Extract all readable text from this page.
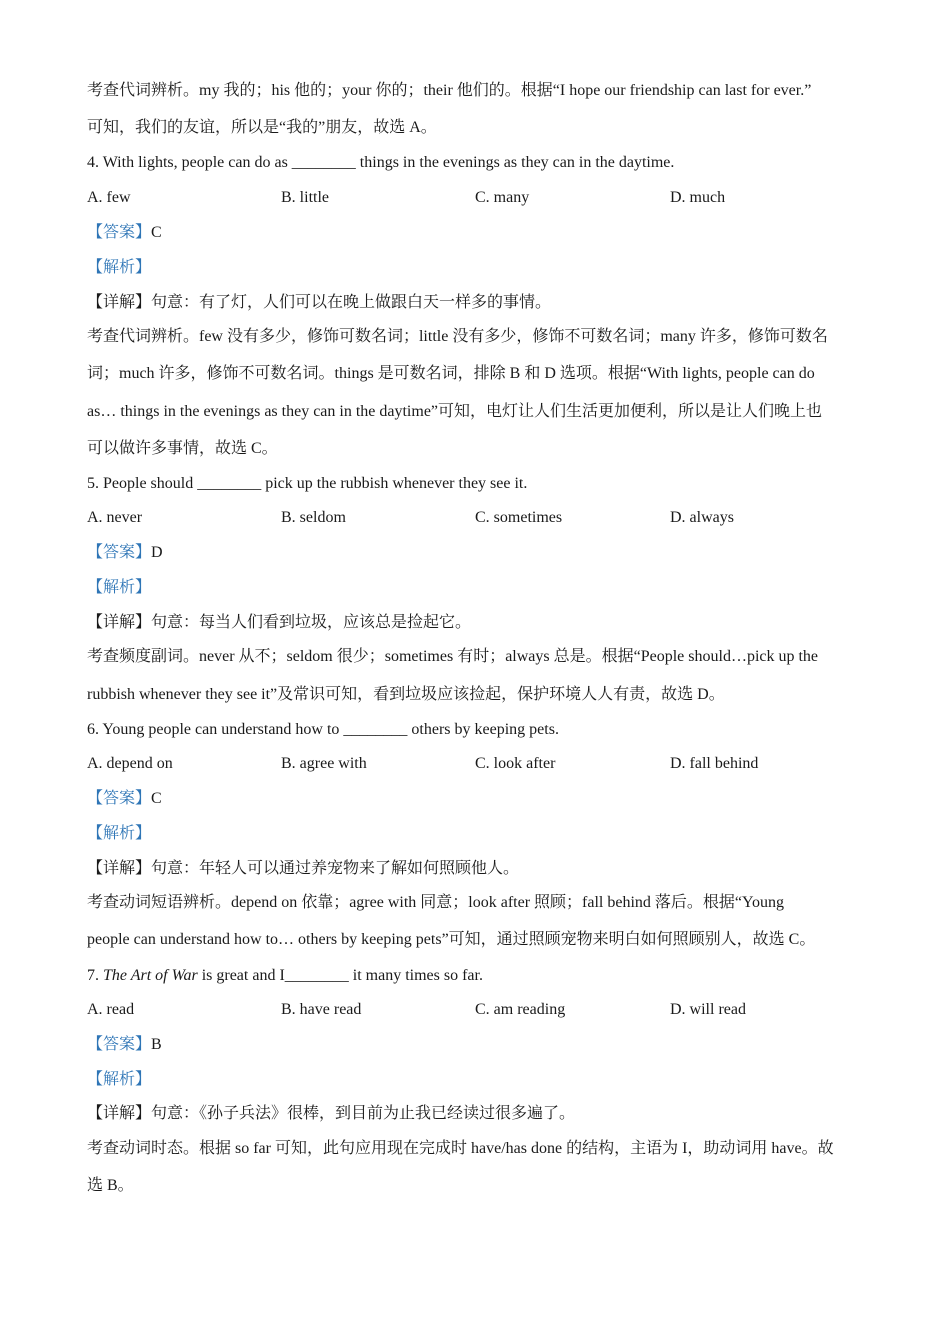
考查代词辨析。my 我的；his 他的；your 你的；their 他们的。根据“I hope our friendship can last for ever.”
可知，我们的友谊，所以是“我的”朋友，故选 A。
4. With lights, people can do as ________ things in the evenings as they can in the daytime.
A. few	B. little	C. many	D. much
【答案】C
【解析】
【详解】句意：有了灯，人们可以在晚上做跟白天一样多的事情。
考查代词辨析。few 没有多少，修饰可数名词；little 没有多少，修饰不可数名词；many 许多，修饰可数名
词；much 许多，修饰不可数名词。things 是可数名词，排除 B 和 D 选项。根据“With lights, people can do
as… things in the evenings as they can in the daytime”可知，电灯让人们生活更加便利，所以是让人们晚上也
可以做许多事情，故选 C。
5. People should ________ pick up the rubbish whenever they see it.
A. never	B. seldom	C. sometimes	D. always
【答案】D
【解析】
【详解】句意：每当人们看到垃圾，应该总是捡起它。
考查频度副词。never 从不；seldom 很少；sometimes 有时；always 总是。根据“People should…pick up the
rubbish whenever they see it”及常识可知，看到垃圾应该捡起，保护环境人人有责，故选 D。
6. Young people can understand how to ________ others by keeping pets.
A. depend on	B. agree with	C. look after	D. fall behind
【答案】C
【解析】
【详解】句意：年轻人可以通过养宠物来了解如何照顾他人。
考查动词短语辨析。depend on 依靠；agree with 同意；look after 照顾；fall behind 落后。根据“Young
people can understand how to… others by keeping pets”可知，通过照顾宠物来明白如何照顾别人，故选 C。
7. The Art of War is great and I________ it many times so far.
A. read	B. have read	C. am reading	D. will read
【答案】B
【解析】
【详解】句意：《孙子兵法》很棒，到目前为止我已经读过很多遍了。
考查动词时态。根据 so far 可知，此句应用现在完成时 have/has done 的结构，主语为 I，助动词用 have。故
选 B。
